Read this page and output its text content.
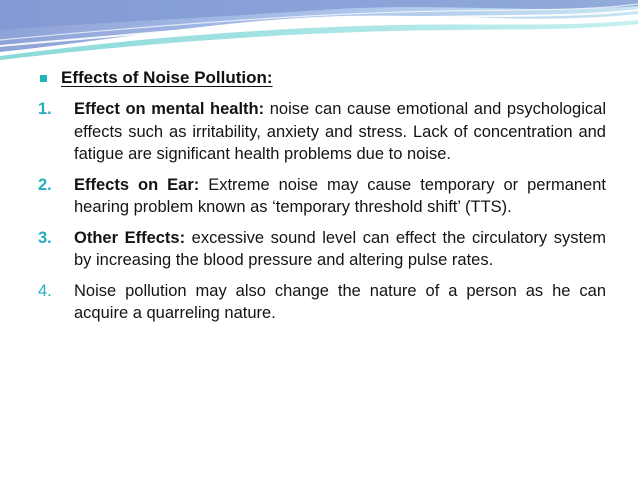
Effects of Noise Pollution:
1.	Effect on mental health: noise can cause emotional and psychological effects such as irritability, anxiety and stress. Lack of concentration and fatigue are significant health problems due to noise.
2.	Effects on Ear: Extreme noise may cause temporary or permanent hearing problem known as ‘temporary threshold shift’ (TTS).
3.	Other Effects: excessive sound level can effect the circulatory system by increasing the blood pressure and altering pulse rates.
4.	Noise pollution may also change the nature of a person as he can acquire a quarreling nature.
